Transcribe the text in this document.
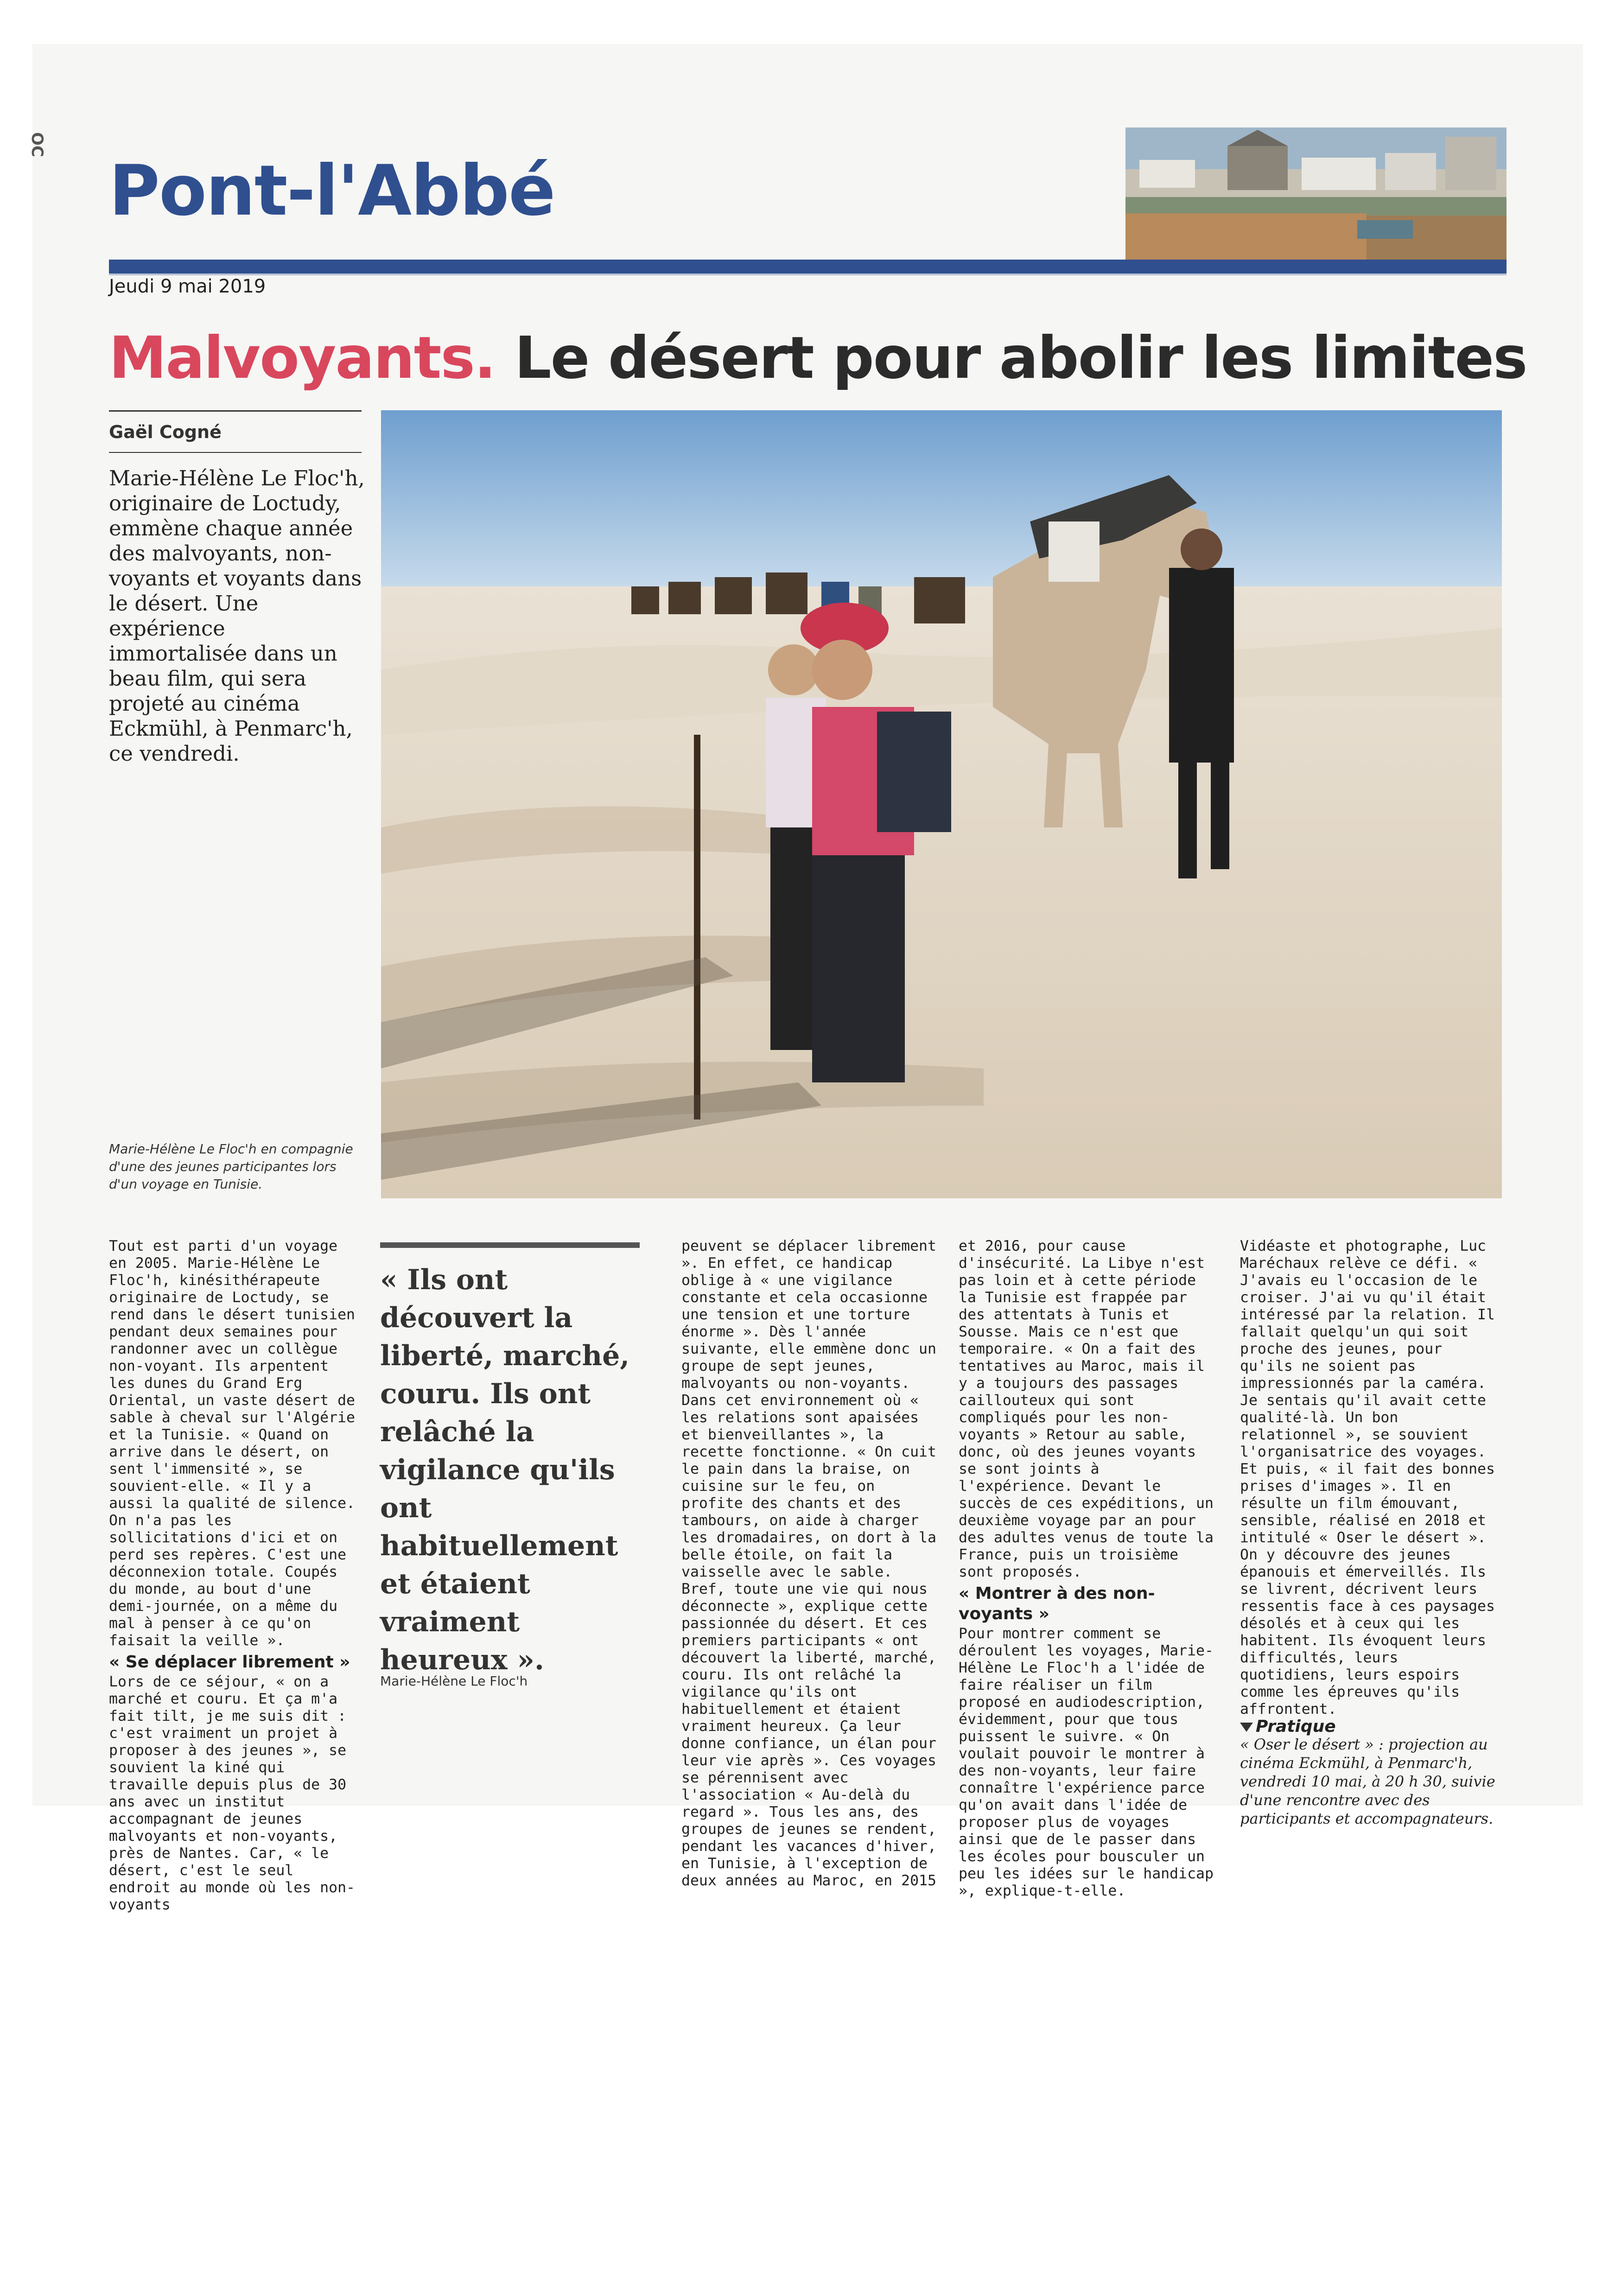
OC
Pont-l'Abbé
Jeudi 9 mai 2019
Malvoyants. Le désert pour abolir les limites
Gaël Cogné
Marie-Hélène Le Floc'h, originaire de Loctudy, emmène chaque année des malvoyants, non-voyants et voyants dans le désert. Une expérience immortalisée dans un beau film, qui sera projeté au cinéma Eckmühl, à Penmarc'h, ce vendredi.
Marie-Hélène Le Floc'h en compagnie d'une des jeunes participantes lors d'un voyage en Tunisie.

Tout est parti d'un voyage en 2005. Marie-Hélène Le Floc'h, kinésithérapeute originaire de Loctudy, se rend dans le désert tunisien pendant deux semaines pour randonner avec un collègue non-voyant. Ils arpentent les dunes du Grand Erg Oriental, un vaste désert de sable à cheval sur l'Algérie et la Tunisie. « Quand on arrive dans le désert, on sent l'immensité », se souvient-elle. « Il y a aussi la qualité de silence. On n'a pas les sollicitations d'ici et on perd ses repères. C'est une déconnexion totale. Coupés du monde, au bout d'une demi-journée, on a même du mal à penser à ce qu'on faisait la veille ».

« Se déplacer librement »

Lors de ce séjour, « on a marché et couru. Et ça m'a fait tilt, je me suis dit : c'est vraiment un projet à proposer à des jeunes », se souvient la kiné qui travaille depuis plus de 30 ans avec un institut accompagnant de jeunes malvoyants et non-voyants, près de Nantes. Car, « le désert, c'est le seul endroit au monde où les non-voyants

« Ils ont découvert la liberté, marché, couru. Ils ont relâché la vigilance qu'ils ont habituellement et étaient vraiment heureux ».
Marie-Hélène Le Floc'h

peuvent se déplacer librement ». En effet, ce handicap oblige à « une vigilance constante et cela occasionne une tension et une torture énorme ». Dès l'année suivante, elle emmène donc un groupe de sept jeunes, malvoyants ou non-voyants. Dans cet environnement où « les relations sont apaisées et bienveillantes », la recette fonctionne. « On cuit le pain dans la braise, on cuisine sur le feu, on profite des chants et des tambours, on aide à charger les dromadaires, on dort à la belle étoile, on fait la vaisselle avec le sable. Bref, toute une vie qui nous déconnecte », explique cette passionnée du désert. Et ces premiers participants « ont découvert la liberté, marché, couru. Ils ont relâché la vigilance qu'ils ont habituellement et étaient vraiment heureux. Ça leur donne confiance, un élan pour leur vie après ». Ces voyages se pérennisent avec l'association « Au-delà du regard ». Tous les ans, des groupes de jeunes se rendent, pendant les vacances d'hiver, en Tunisie, à l'exception de deux années au Maroc, en 2015

et 2016, pour cause d'insécurité. La Libye n'est pas loin et à cette période la Tunisie est frappée par des attentats à Tunis et Sousse. Mais ce n'est que temporaire. « On a fait des tentatives au Maroc, mais il y a toujours des passages caillouteux qui sont compliqués pour les non-voyants » Retour au sable, donc, où des jeunes voyants se sont joints à l'expérience. Devant le succès de ces expéditions, un deuxième voyage par an pour des adultes venus de toute la France, puis un troisième sont proposés.

« Montrer à des non-voyants »

Pour montrer comment se déroulent les voyages, Marie-Hélène Le Floc'h a l'idée de faire réaliser un film proposé en audiodescription, évidemment, pour que tous puissent le suivre. « On voulait pouvoir le montrer à des non-voyants, leur faire connaître l'expérience parce qu'on avait dans l'idée de proposer plus de voyages ainsi que de le passer dans les écoles pour bousculer un peu les idées sur le handicap », explique-t-elle.

Vidéaste et photographe, Luc Maréchaux relève ce défi. « J'avais eu l'occasion de le croiser. J'ai vu qu'il était intéressé par la relation. Il fallait quelqu'un qui soit proche des jeunes, pour qu'ils ne soient pas impressionnés par la caméra. Je sentais qu'il avait cette qualité-là. Un bon relationnel », se souvient l'organisatrice des voyages. Et puis, « il fait des bonnes prises d'images ». Il en résulte un film émouvant, sensible, réalisé en 2018 et intitulé « Oser le désert ». On y découvre des jeunes épanouis et émerveillés. Ils se livrent, décrivent leurs ressentis face à ces paysages désolés et à ceux qui les habitent. Ils évoquent leurs difficultés, leurs quotidiens, leurs espoirs comme les épreuves qu'ils affrontent.

Pratique

« Oser le désert » : projection au cinéma Eckmühl, à Penmarc'h, vendredi 10 mai, à 20 h 30, suivie d'une rencontre avec des participants et accompagnateurs.
